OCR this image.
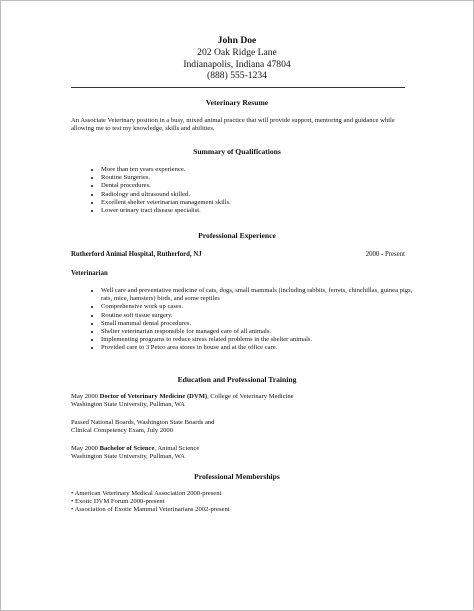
John Doe
202 Oak Ridge Lane
Indianapolis, Indiana 47804
(888) 555-1234
Veterinary Resume
An Associate Veterinary position in a busy, mixed animal practice that will provide support, mentoring and guidance while allowing me to test my knowledge, skills and abilities.
Summary of Qualifications
• More than ten years experience.
• Routine Surgeries.
• Dental procedures.
• Radiology and ultrasound skilled.
• Excellent shelter veterinarian management skills.
• Lower urinary tract disease specialist.
Professional Experience
Rutherford Animal Hospital, Rutherford, NJ	2000 - Present
Veterinarian
• Well care and preventative medicine of cats, dogs, small mammals (including rabbits, ferrets, chinchillas, guinea pigs, rats, mice, hamsters) birds, and some reptiles
• Comprehensive work up cases.
• Routine soft tissue surgery.
• Small mammal dental procedures.
• Shelter veterinarian responsible for managed care of all animals.
• Implementing programs to reduce stress related problems in the shelter animals.
• Provided care to 3 Petco area stores in house and at the office care.
Education and Professional Training
May 2000 Doctor of Veterinary Medicine (DVM), College of Veterinary Medicine
Washington State University, Pullman, WA
Passed National Boards, Washington State Boards and
Clinical Competency Exam, July 2000
May 2000 Bachelor of Science, Animal Science
Washington State University, Pullman, WA
Professional Memberships
• American Veterinary Medical Association 2000-present
• Exotic DVM Forum 2000-present
• Association of Exotic Mammal Veterinarians 2002-present
